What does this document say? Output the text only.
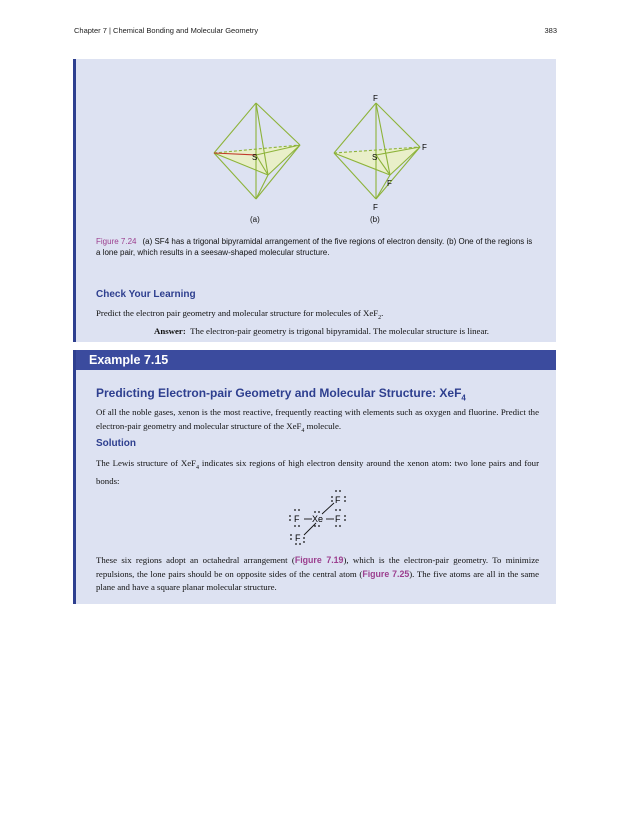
Chapter 7 | Chemical Bonding and Molecular Geometry	383
S
F
S
F
F
F
(a)	(b)
Figure 7.24 (a) SF4 has a trigonal bipyramidal arrangement of the five regions of electron density. (b) One of the regions is a lone pair, which results in a seesaw-shaped molecular structure.
Check Your Learning
Predict the electron pair geometry and molecular structure for molecules of XeF$_2$.
Answer: The electron-pair geometry is trigonal bipyramidal. The molecular structure is linear.
Example 7.15
Predicting Electron-pair Geometry and Molecular Structure: XeF$_4$
Of all the noble gases, xenon is the most reactive, frequently reacting with elements such as oxygen and fluorine. Predict the electron-pair geometry and molecular structure of the XeF$_4$ molecule.
Solution
The Lewis structure of XeF$_4$ indicates six regions of high electron density around the xenon atom: two lone pairs and four bonds:
Xe
F	F
F
F
These six regions adopt an octahedral arrangement (Figure 7.19), which is the electron-pair geometry. To minimize repulsions, the lone pairs should be on opposite sides of the central atom (Figure 7.25). The five atoms are all in the same plane and have a square planar molecular structure.
